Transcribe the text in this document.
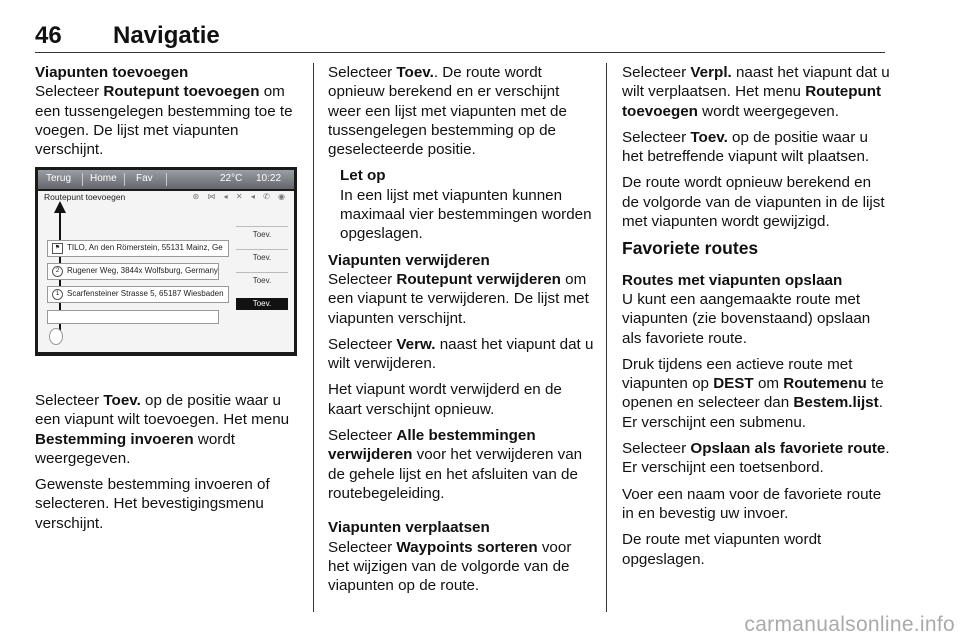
46 Navigatie
Viapunten toevoegen

Selecteer Routepunt toevoegen om een tussengelegen bestemming toe te voegen. De lijst met viapunten verschijnt.

Terug Home Fav	22°C 10:22
Routepunt toevoegen	⊛ ⋈ ◂ ✕ ◂ ✆ ◉
Toev.
⚑ TILO, An den Römerstein, 55131 Mainz, Ge
Toev.
2 Rugener Weg, 3844x Wolfsburg, Germany
Toev.
1 Scarfensteiner Strasse 5, 65187 Wiesbaden
Toev.

Selecteer Toev. op de positie waar u een viapunt wilt toevoegen. Het menu Bestemming invoeren wordt weergegeven.

Gewenste bestemming invoeren of selecteren. Het bevestigingsmenu verschijnt.

Selecteer Toev.. De route wordt opnieuw berekend en er verschijnt weer een lijst met viapunten met de tussengelegen bestemming op de geselecteerde positie.

Let op
In een lijst met viapunten kunnen maximaal vier bestemmingen worden opgeslagen.
Viapunten verwijderen

Selecteer Routepunt verwijderen om een viapunt te verwijderen. De lijst met viapunten verschijnt.

Selecteer Verw. naast het viapunt dat u wilt verwijderen.

Het viapunt wordt verwijderd en de kaart verschijnt opnieuw.

Selecteer Alle bestemmingen verwijderen voor het verwijderen van de gehele lijst en het afsluiten van de routebegeleiding.

Viapunten verplaatsen

Selecteer Waypoints sorteren voor het wijzigen van de volgorde van de viapunten op de route.

Selecteer Verpl. naast het viapunt dat u wilt verplaatsen. Het menu Routepunt toevoegen wordt weergegeven.

Selecteer Toev. op de positie waar u het betreffende viapunt wilt plaatsen.

De route wordt opnieuw berekend en de volgorde van de viapunten in de lijst met viapunten wordt gewijzigd.

Favoriete routes
Routes met viapunten opslaan

U kunt een aangemaakte route met viapunten (zie bovenstaand) opslaan als favoriete route.

Druk tijdens een actieve route met viapunten op DEST om Routemenu te openen en selecteer dan Bestem.lijst. Er verschijnt een submenu.

Selecteer Opslaan als favoriete route. Er verschijnt een toetsenbord.

Voer een naam voor de favoriete route in en bevestig uw invoer.

De route met viapunten wordt opgeslagen.

carmanualsonline.info
